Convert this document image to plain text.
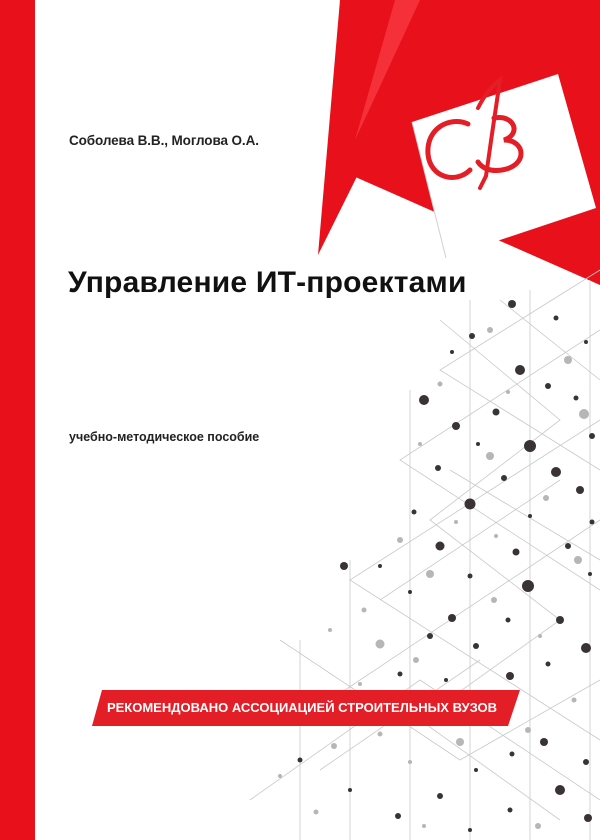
Соболева В.В., Моглова О.А.
Управление ИТ-проектами
учебно-методическое пособие
РЕКОМЕНДОВАНО АССОЦИАЦИЕЙ СТРОИТЕЛЬНЫХ ВУЗОВ
